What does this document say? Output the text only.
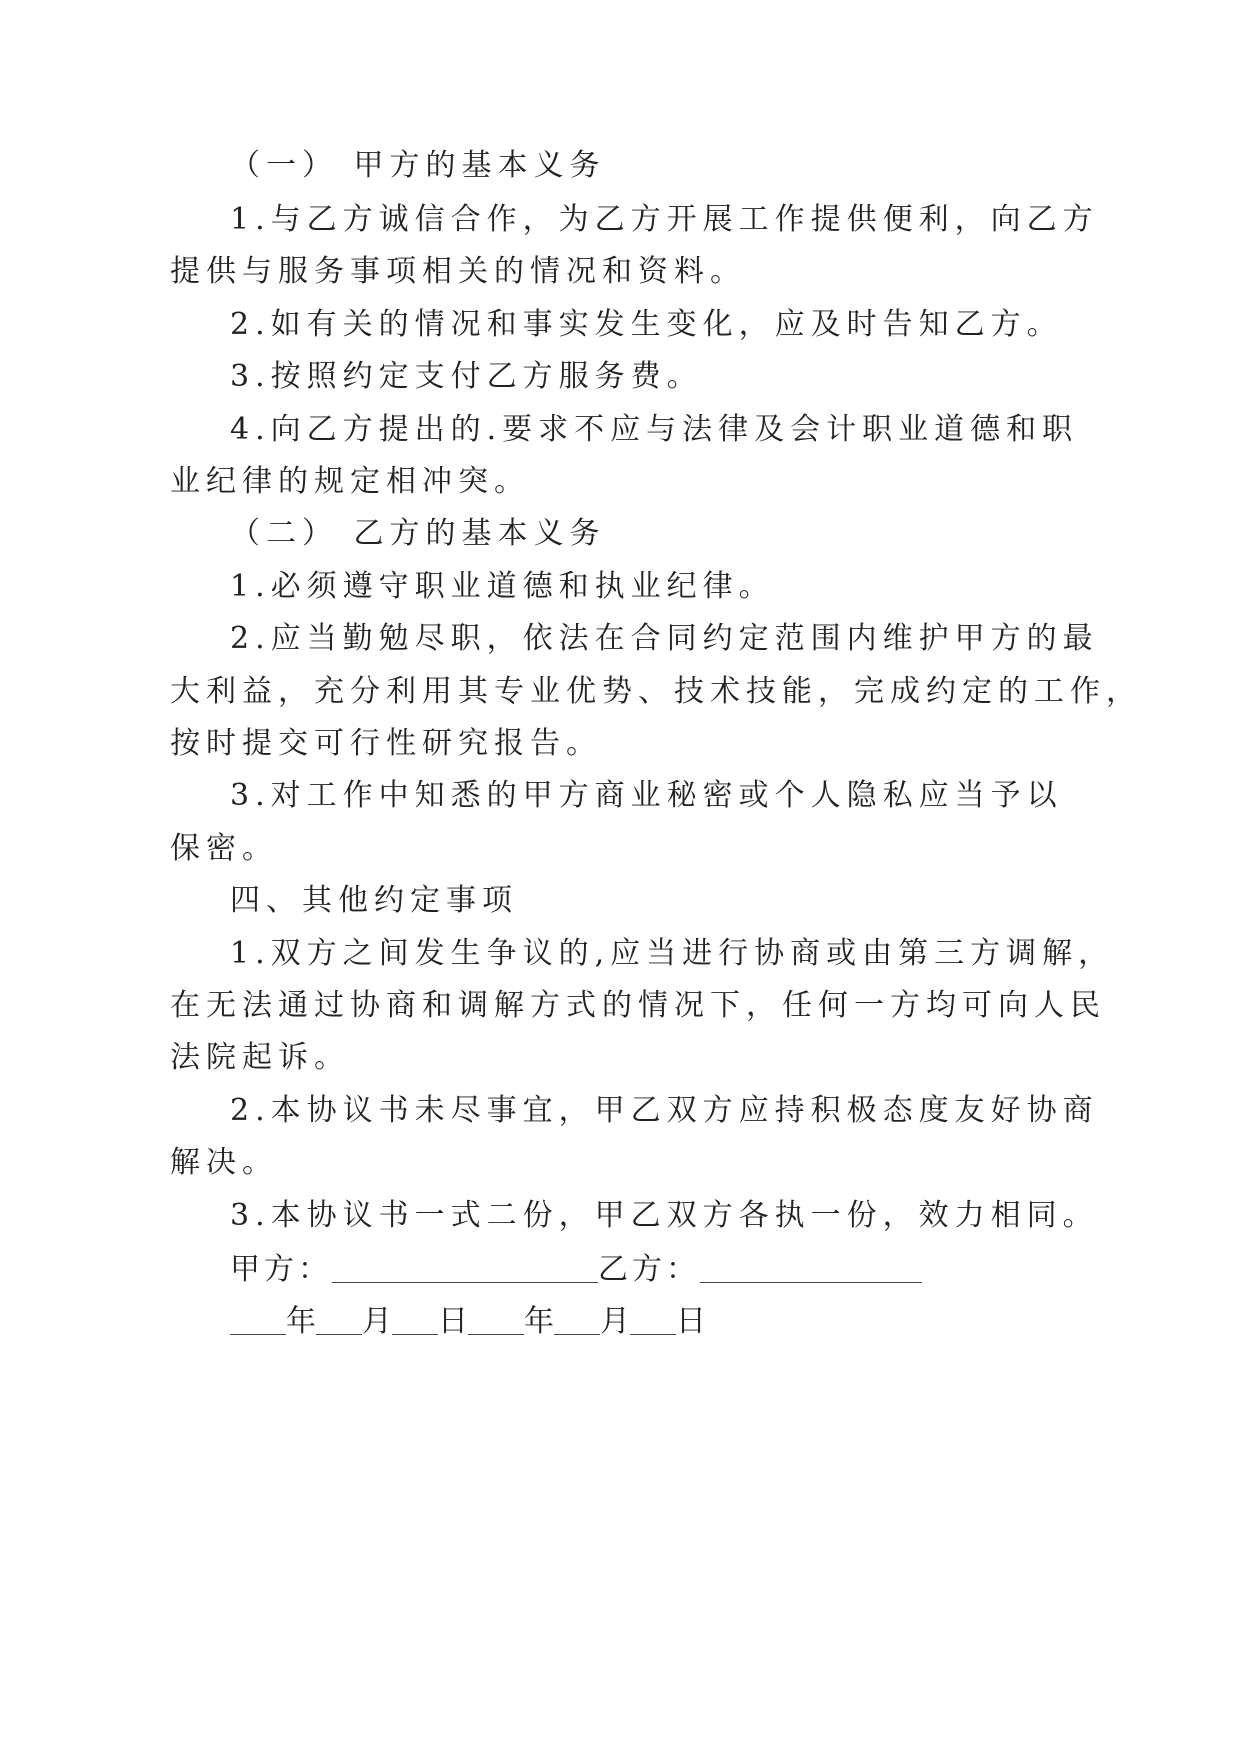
（一） 甲方的基本义务
1.与乙方诚信合作，为乙方开展工作提供便利，向乙方
提供与服务事项相关的情况和资料。
2.如有关的情况和事实发生变化，应及时告知乙方。
3.按照约定支付乙方服务费。
4.向乙方提出的.要求不应与法律及会计职业道德和职
业纪律的规定相冲突。
（二） 乙方的基本义务
1.必须遵守职业道德和执业纪律。
2.应当勤勉尽职，依法在合同约定范围内维护甲方的最
大利益，充分利用其专业优势、技术技能，完成约定的工作，
按时提交可行性研究报告。
3.对工作中知悉的甲方商业秘密或个人隐私应当予以
保密。
四、其他约定事项
1.双方之间发生争议的,应当进行协商或由第三方调解，
在无法通过协商和调解方式的情况下，任何一方均可向人民
法院起诉。
2.本协议书未尽事宜，甲乙双方应持积极态度友好协商
解决。
3.本协议书一式二份，甲乙双方各执一份，效力相同。
甲方：	乙方：
年 月 日 年 月 日
